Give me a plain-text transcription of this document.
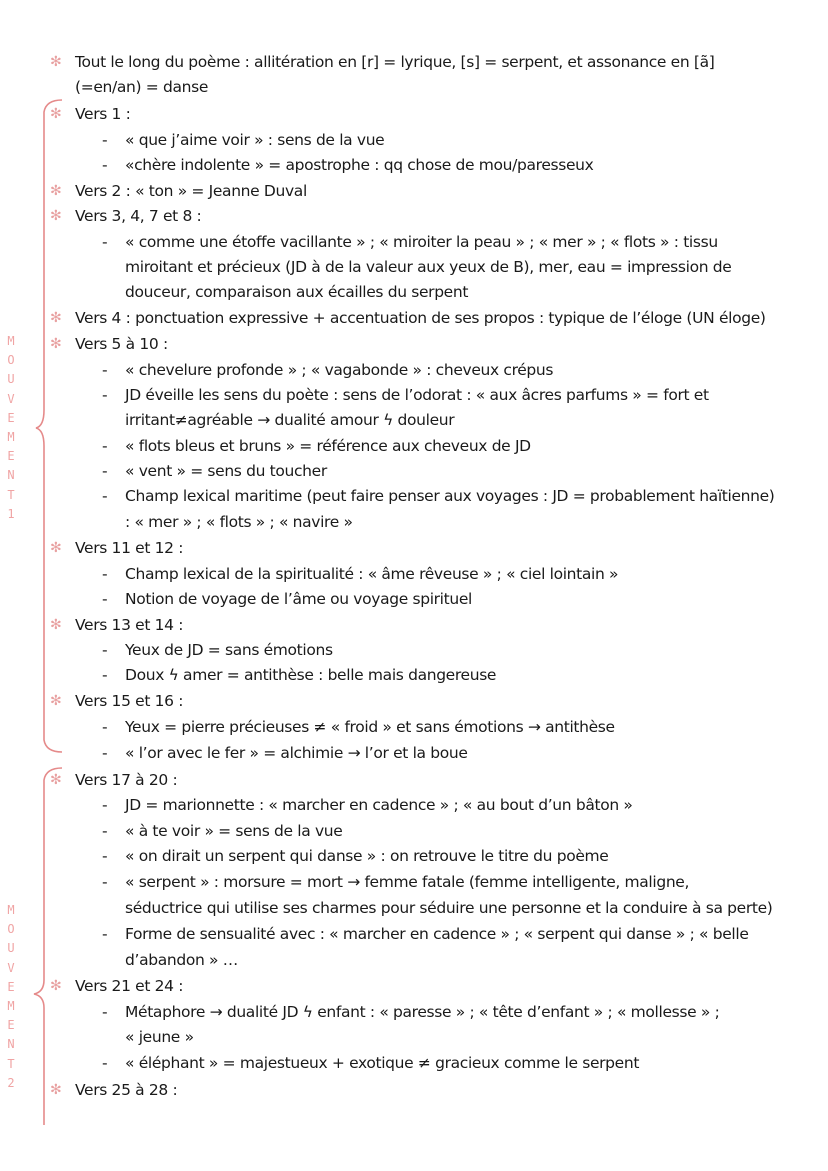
M
O
U
V
E
M
E
N
T
1
M
O
U
V
E
M
E
N
T
2
✻ Tout le long du poème : allitération en [r] = lyrique, [s] = serpent, et assonance en [ã]
(=en/an) = danse
✻ Vers 1 :
- « que j’aime voir » : sens de la vue
- «chère indolente » = apostrophe : qq chose de mou/paresseux
✻ Vers 2 : « ton » = Jeanne Duval
✻ Vers 3, 4, 7 et 8 :
- « comme une étoffe vacillante » ; « miroiter la peau » ; « mer » ; « flots » : tissu
miroitant et précieux (JD à de la valeur aux yeux de B), mer, eau = impression de
douceur, comparaison aux écailles du serpent
✻ Vers 4 : ponctuation expressive + accentuation de ses propos : typique de l’éloge (UN éloge)
✻ Vers 5 à 10 :
- « chevelure profonde » ; « vagabonde » : cheveux crépus
- JD éveille les sens du poète : sens de l’odorat : « aux âcres parfums » = fort et
irritant≠agréable → dualité amour ϟ douleur
- « flots bleus et bruns » = référence aux cheveux de JD
- « vent » = sens du toucher
- Champ lexical maritime (peut faire penser aux voyages : JD = probablement haïtienne)
: « mer » ; « flots » ; « navire »
✻ Vers 11 et 12 :
- Champ lexical de la spiritualité : « âme rêveuse » ; « ciel lointain »
- Notion de voyage de l’âme ou voyage spirituel
✻ Vers 13 et 14 :
- Yeux de JD = sans émotions
- Doux ϟ amer = antithèse : belle mais dangereuse
✻ Vers 15 et 16 :
- Yeux = pierre précieuses ≠ « froid » et sans émotions → antithèse
- « l’or avec le fer » = alchimie → l’or et la boue
✻ Vers 17 à 20 :
- JD = marionnette : « marcher en cadence » ; « au bout d’un bâton »
- « à te voir » = sens de la vue
- « on dirait un serpent qui danse » : on retrouve le titre du poème
- « serpent » : morsure = mort → femme fatale (femme intelligente, maligne,
séductrice qui utilise ses charmes pour séduire une personne et la conduire à sa perte)
- Forme de sensualité avec : « marcher en cadence » ; « serpent qui danse » ; « belle
d’abandon » …
✻ Vers 21 et 24 :
- Métaphore → dualité JD ϟ enfant : « paresse » ; « tête d’enfant » ; « mollesse » ;
« jeune »
- « éléphant » = majestueux + exotique ≠ gracieux comme le serpent
✻ Vers 25 à 28 :
